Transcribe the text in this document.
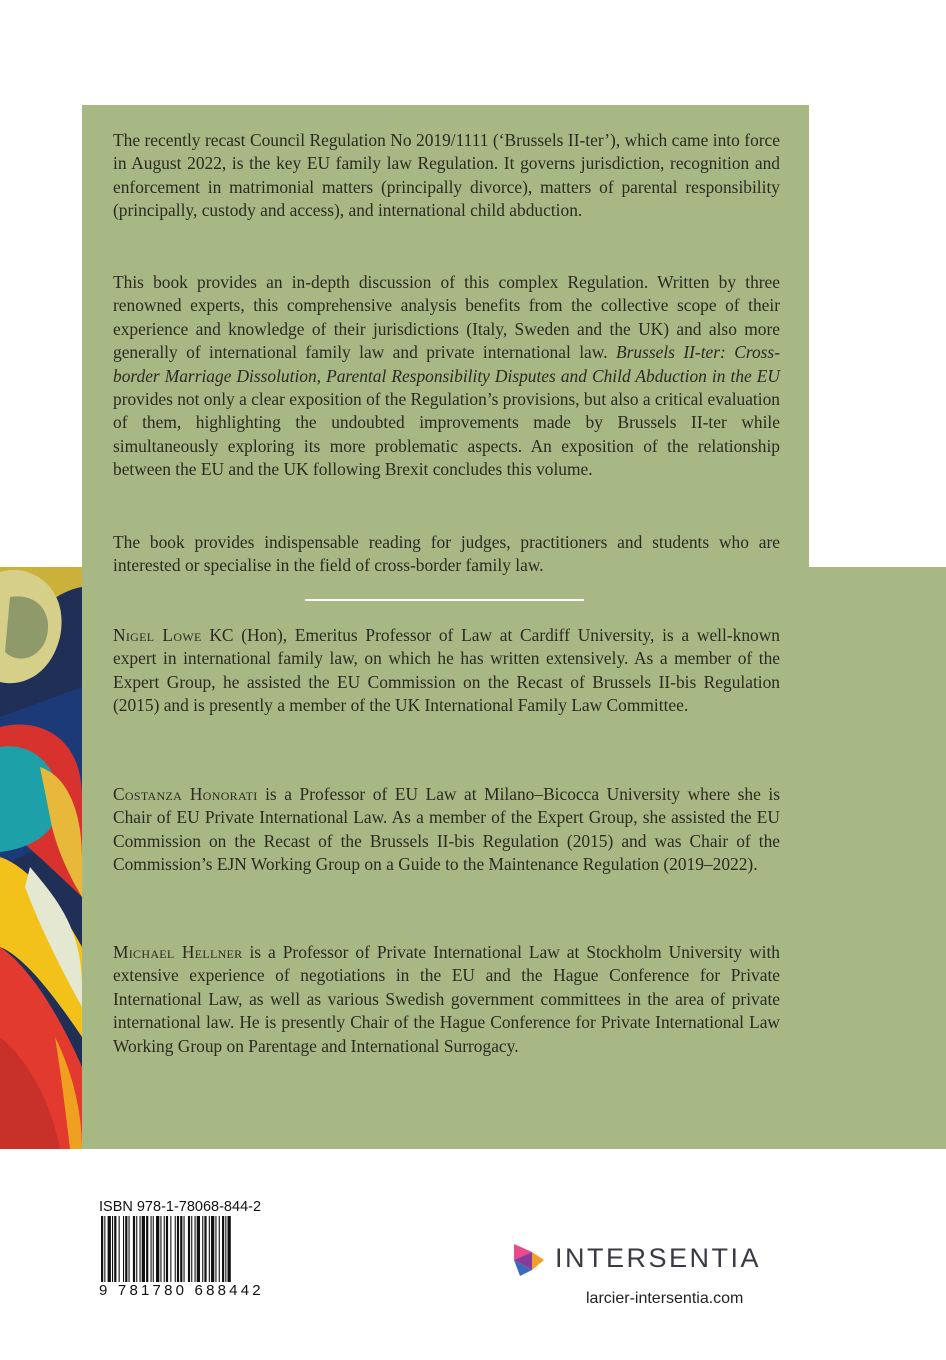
The recently recast Council Regulation No 2019/1111 (‘Brussels II-ter’), which came into force in August 2022, is the key EU family law Regulation. It governs jurisdiction, recognition and enforcement in matrimonial matters (principally divorce), matters of parental responsibility (principally, custody and access), and international child abduction.

This book provides an in-depth discussion of this complex Regulation. Written by three renowned experts, this comprehensive analysis benefits from the collective scope of their experience and knowledge of their jurisdictions (Italy, Sweden and the UK) and also more generally of international family law and private international law. Brussels II-ter: Cross-border Marriage Dissolution, Parental Responsibility Disputes and Child Abduction in the EU provides not only a clear exposition of the Regulation’s provisions, but also a critical evaluation of them, highlighting the undoubted improvements made by Brussels II-ter while simultaneously exploring its more problematic aspects. An exposition of the relationship between the EU and the UK following Brexit concludes this volume.

The book provides indispensable reading for judges, practitioners and students who are interested or specialise in the field of cross-border family law.

Nigel Lowe KC (Hon), Emeritus Professor of Law at Cardiff University, is a well-known expert in international family law, on which he has written extensively. As a member of the Expert Group, he assisted the EU Commission on the Recast of Brussels II-bis Regulation (2015) and is presently a member of the UK International Family Law Committee.

Costanza Honorati is a Professor of EU Law at Milano–Bicocca University where she is Chair of EU Private International Law. As a member of the Expert Group, she assisted the EU Commission on the Recast of the Brussels II-bis Regulation (2015) and was Chair of the Commission’s EJN Working Group on a Guide to the Maintenance Regulation (2019–2022).

Michael Hellner is a Professor of Private International Law at Stockholm University with extensive experience of negotiations in the EU and the Hague Conference for Private International Law, as well as various Swedish government committees in the area of private international law. He is presently Chair of the Hague Conference for Private International Law Working Group on Parentage and International Surrogacy.

ISBN 978-1-78068-844-2
9 781780 688442
INTERSENTIA
larcier-intersentia.com
